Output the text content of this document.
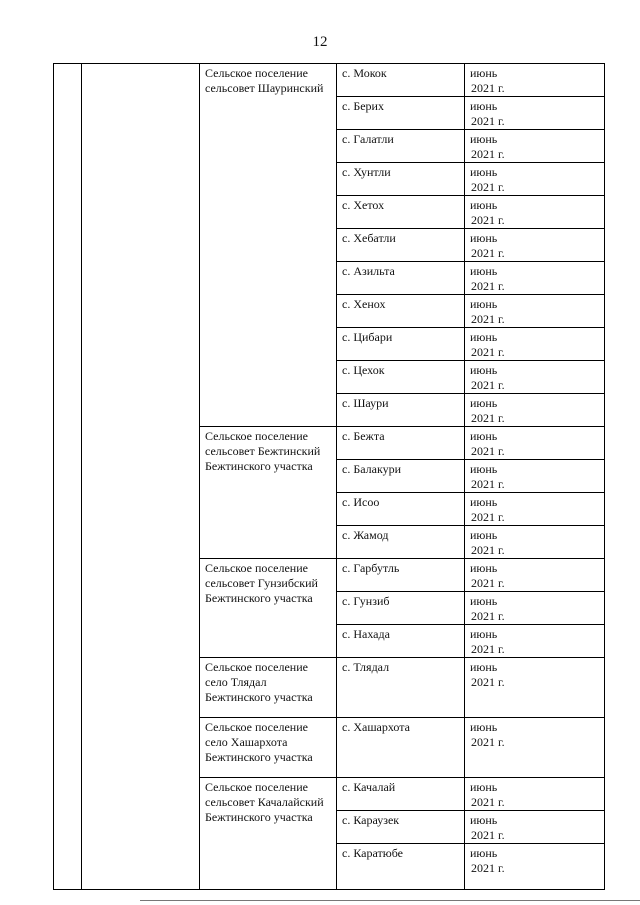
12
		Сельское поселение сельсовет Шауринский	с. Мокок	июнь
2021 г.

			с. Берих	июнь
2021 г.

			с. Галатли	июнь
2021 г.

			с. Хунтли	июнь
2021 г.

			с. Хетох	июнь
2021 г.

			с. Хебатли	июнь
2021 г.

			с. Азильта	июнь
2021 г.

			с. Хенох	июнь
2021 г.

			с. Цибари	июнь
2021 г.

			с. Цехок	июнь
2021 г.

			с. Шаури	июнь
2021 г.

		Сельское поселение сельсовет Бежтинский Бежтинского участка	с. Бежта	июнь
2021 г.

			с. Балакури	июнь
2021 г.

			с. Исоо	июнь
2021 г.

			с. Жамод	июнь
2021 г.

		Сельское поселение сельсовет Гунзибский Бежтинского участка	с. Гарбутль	июнь
2021 г.

			с. Гунзиб	июнь
2021 г.

			с. Нахада	июнь
2021 г.

		Сельское поселение село Тлядал Бежтинского участка	с. Тлядал	июнь
2021 г.

		Сельское поселение село Хашархота Бежтинского участка	с. Хашархота	июнь
2021 г.

		Сельское поселение сельсовет Качалайский Бежтинского участка	с. Качалай	июнь
2021 г.

			с. Караузек	июнь
2021 г.

			с. Каратюбе	июнь
2021 г.
